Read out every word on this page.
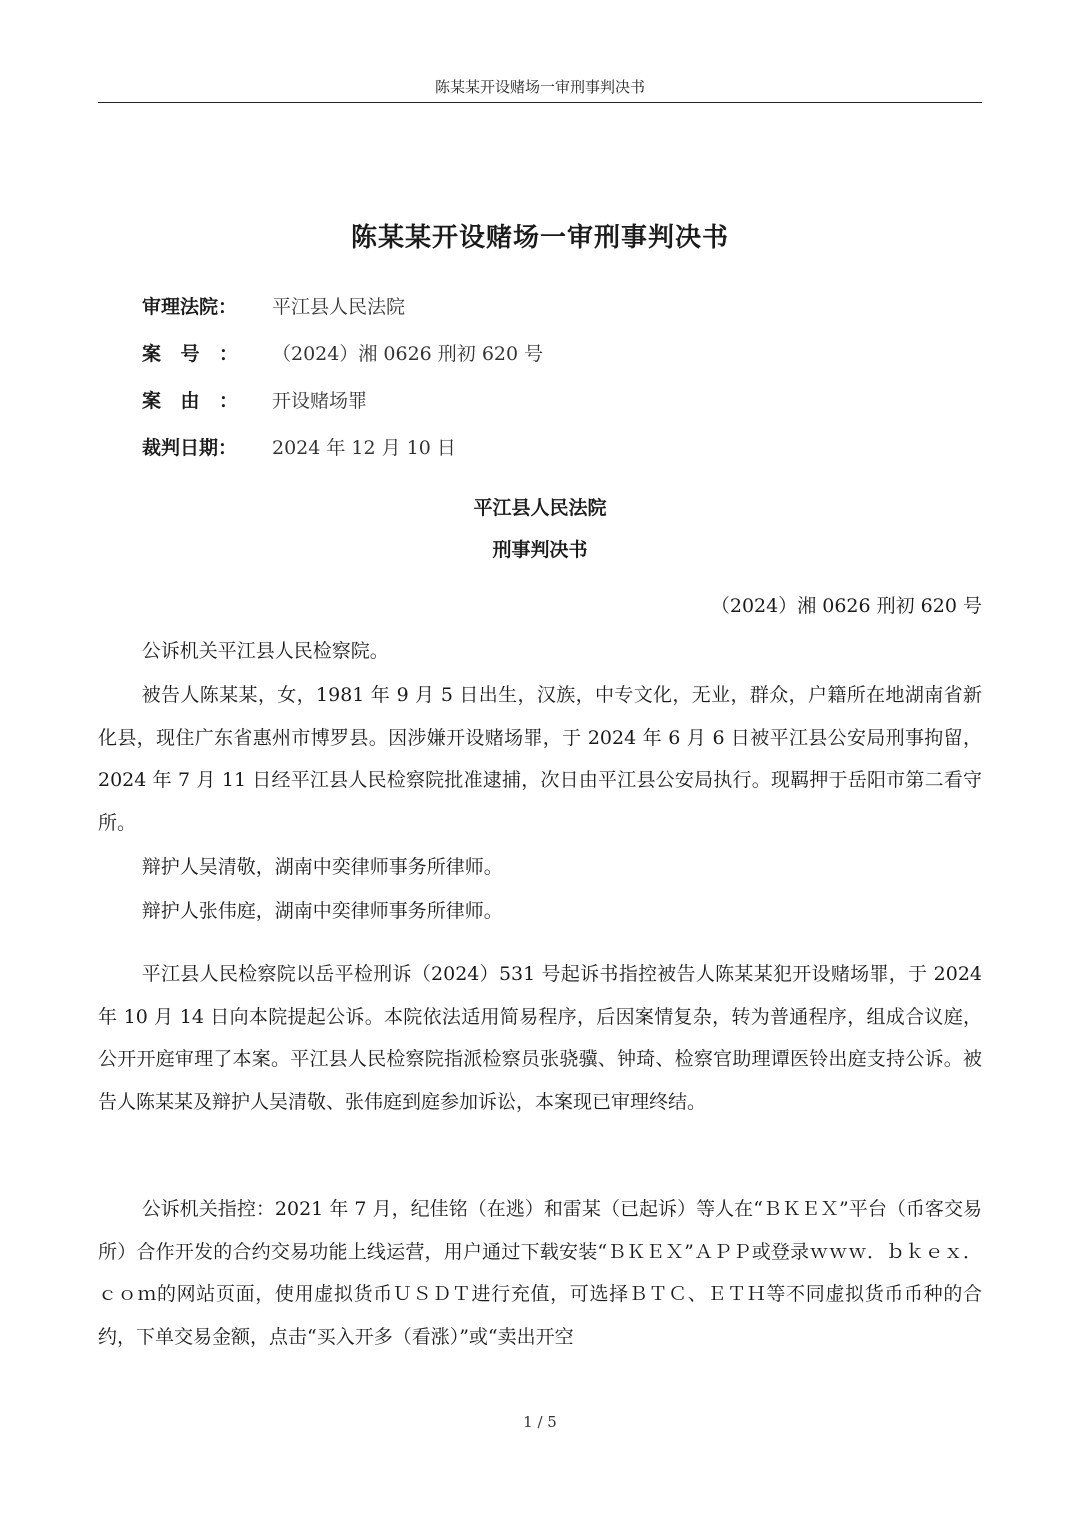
陈某某开设赌场一审刑事判决书
陈某某开设赌场一审刑事判决书
审理法院： 平江县人民法院
案号： （2024）湘 0626 刑初 620 号
案由： 开设赌场罪
裁判日期： 2024 年 12 月 10 日
平江县人民法院
刑事判决书
（2024）湘 0626 刑初 620 号

公诉机关平江县人民检察院。

被告人陈某某，女，1981 年 9 月 5 日出生，汉族，中专文化，无业，群众，户籍所在地湖南省新化县，现住广东省惠州市博罗县。因涉嫌开设赌场罪，于 2024 年 6 月 6 日被平江县公安局刑事拘留，2024 年 7 月 11 日经平江县人民检察院批准逮捕，次日由平江县公安局执行。现羁押于岳阳市第二看守所。

辩护人吴清敬，湖南中奕律师事务所律师。

辩护人张伟庭，湖南中奕律师事务所律师。

平江县人民检察院以岳平检刑诉（2024）531 号起诉书指控被告人陈某某犯开设赌场罪，于 2024 年 10 月 14 日向本院提起公诉。本院依法适用简易程序，后因案情复杂，转为普通程序，组成合议庭，公开开庭审理了本案。平江县人民检察院指派检察员张骁骥、钟琦、检察官助理谭医铃出庭支持公诉。被告人陈某某及辩护人吴清敬、张伟庭到庭参加诉讼，本案现已审理终结。

公诉机关指控：2021 年 7 月，纪佳铭（在逃）和雷某（已起诉）等人在“ＢＫＥＸ”平台（币客交易所）合作开发的合约交易功能上线运营，用户通过下载安装“ＢＫＥＸ”ＡＰＰ或登录ｗｗｗ．ｂｋｅｘ．ｃｏｍ的网站页面，使用虚拟货币ＵＳＤＴ进行充值，可选择ＢＴＣ、ＥＴＨ等不同虚拟货币币种的合约，下单交易金额，点击“买入开多（看涨）”或“卖出开空

1 / 5
